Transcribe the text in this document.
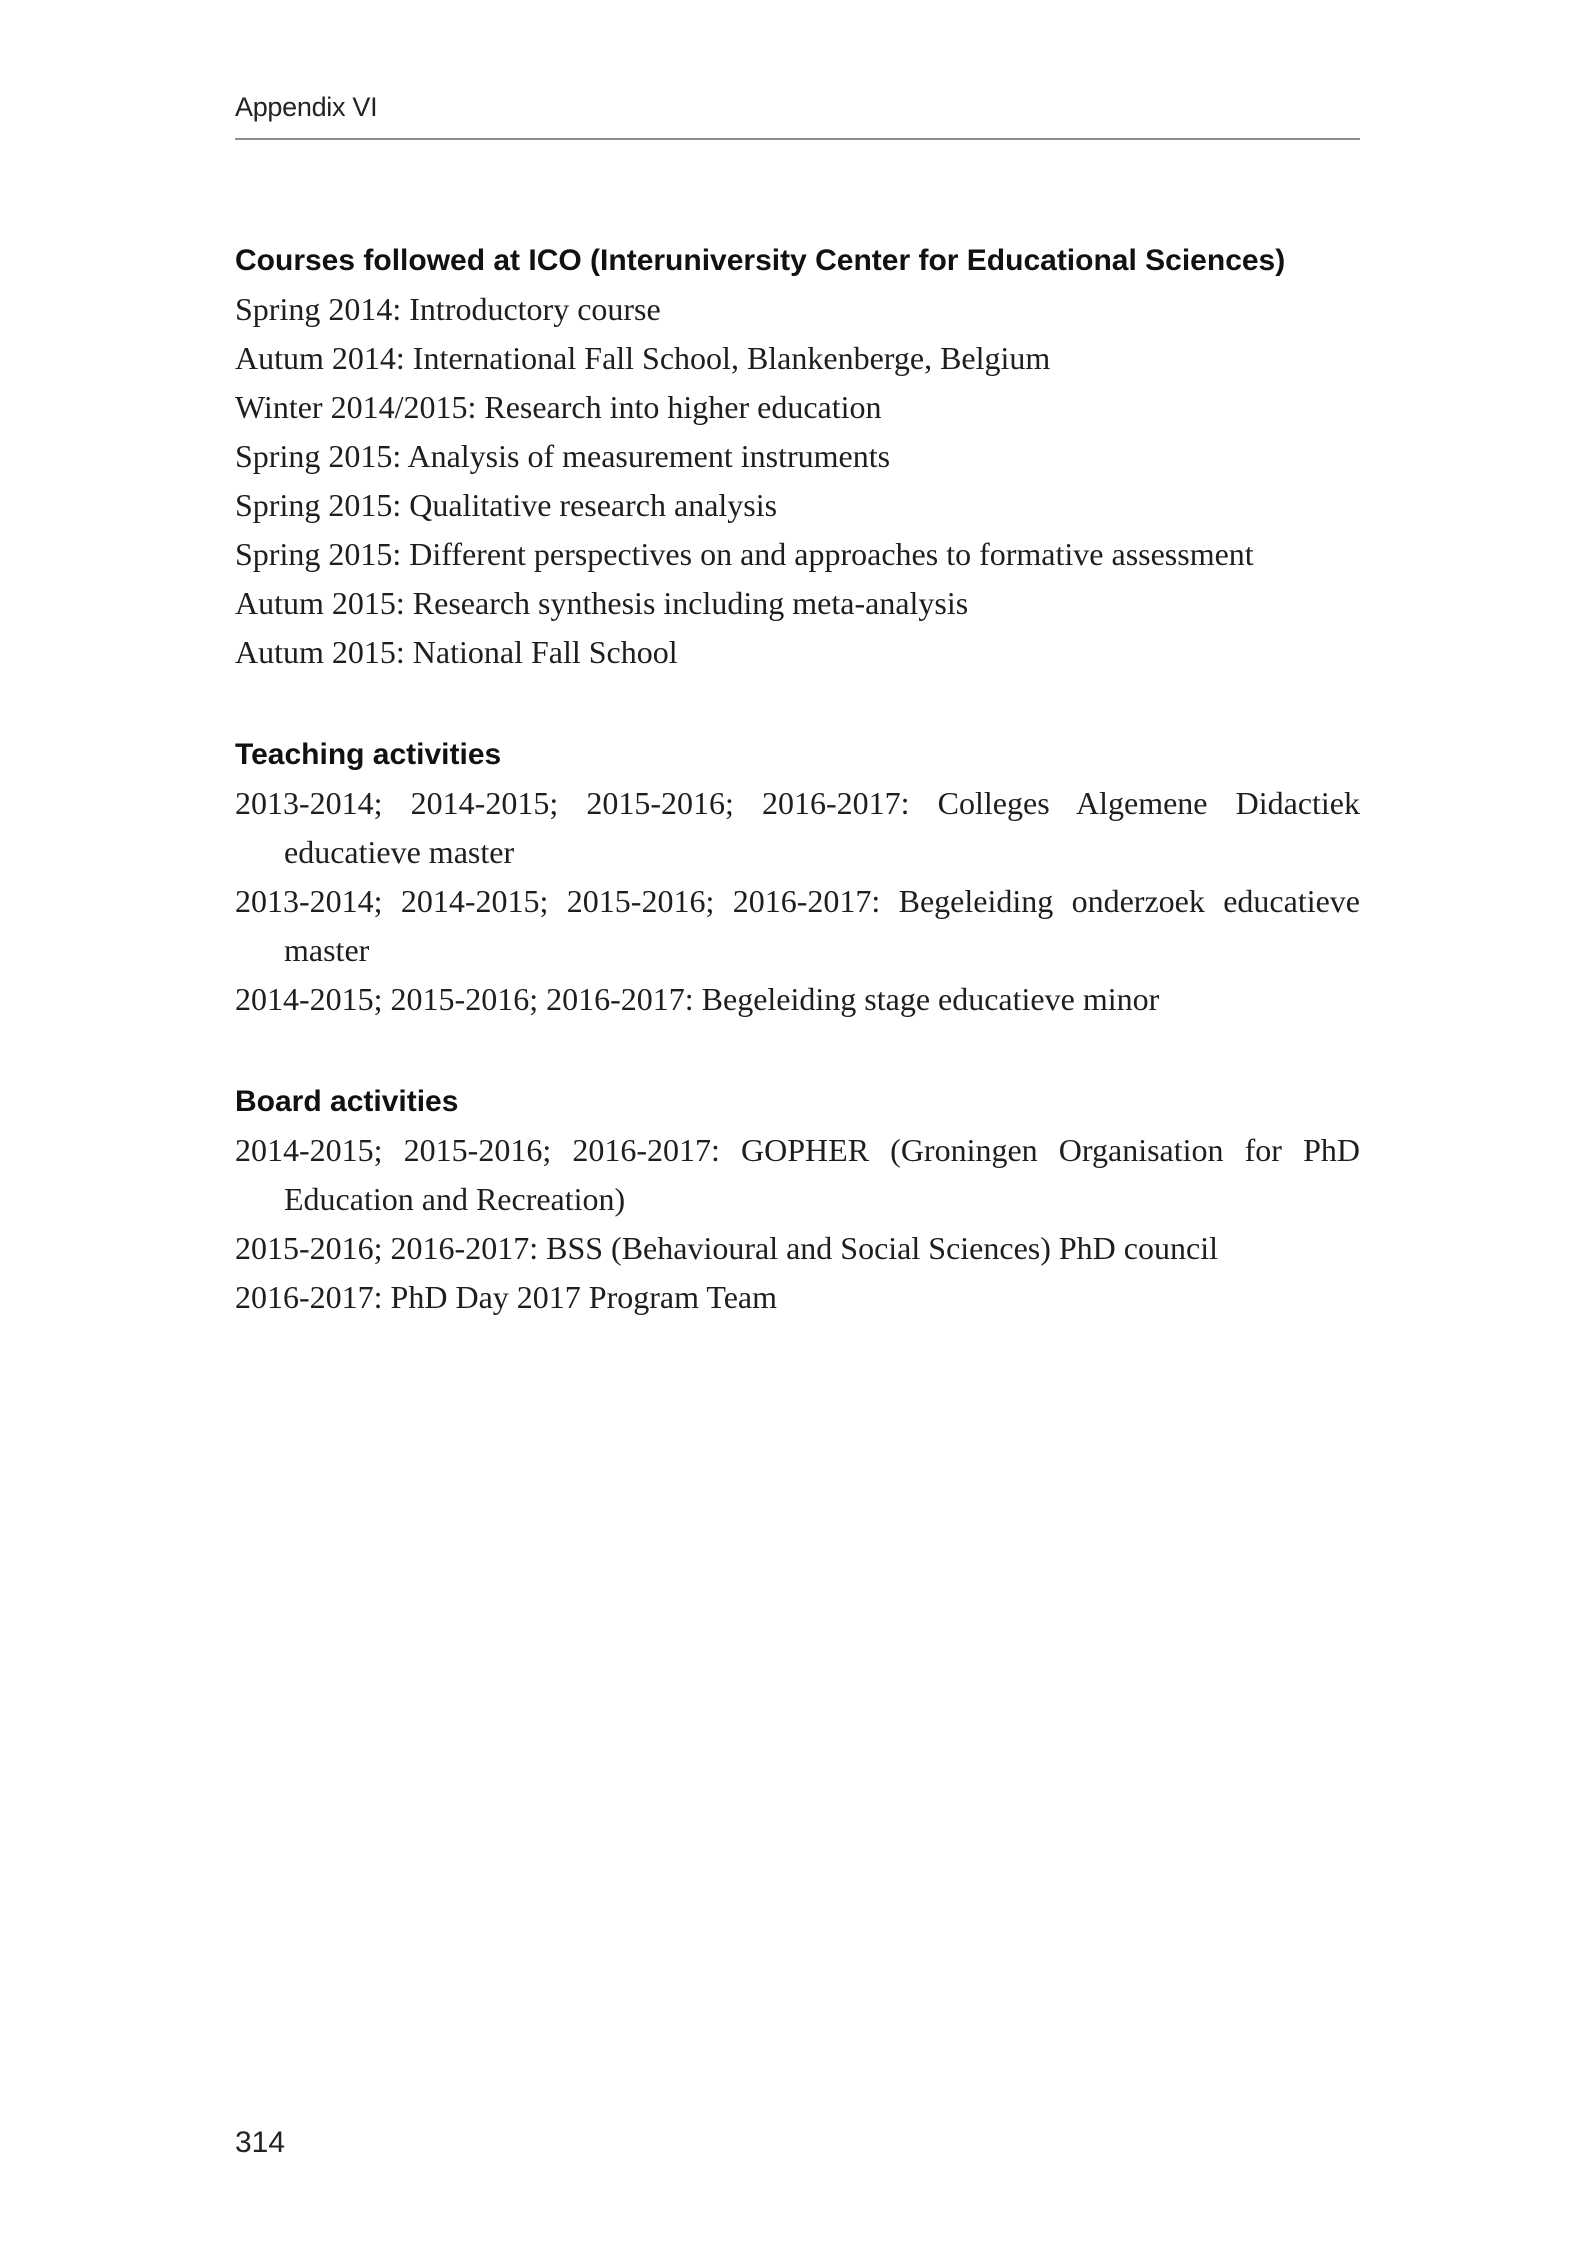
Appendix VI
Courses followed at ICO (Interuniversity Center for Educational Sciences)
Spring 2014: Introductory course
Autum 2014: International Fall School, Blankenberge, Belgium
Winter 2014/2015: Research into higher education
Spring 2015: Analysis of measurement instruments
Spring 2015: Qualitative research analysis
Spring 2015: Different perspectives on and approaches to formative assessment
Autum 2015: Research synthesis including meta-analysis
Autum 2015: National Fall School
Teaching activities
2013-2014; 2014-2015; 2015-2016; 2016-2017: Colleges Algemene Didactiek
educatieve master
2013-2014; 2014-2015; 2015-2016; 2016-2017: Begeleiding onderzoek educatieve
master
2014-2015; 2015-2016; 2016-2017: Begeleiding stage educatieve minor
Board activities
2014-2015; 2015-2016; 2016-2017: GOPHER (Groningen Organisation for PhD
Education and Recreation)
2015-2016; 2016-2017: BSS (Behavioural and Social Sciences) PhD council
2016-2017: PhD Day 2017 Program Team
314
